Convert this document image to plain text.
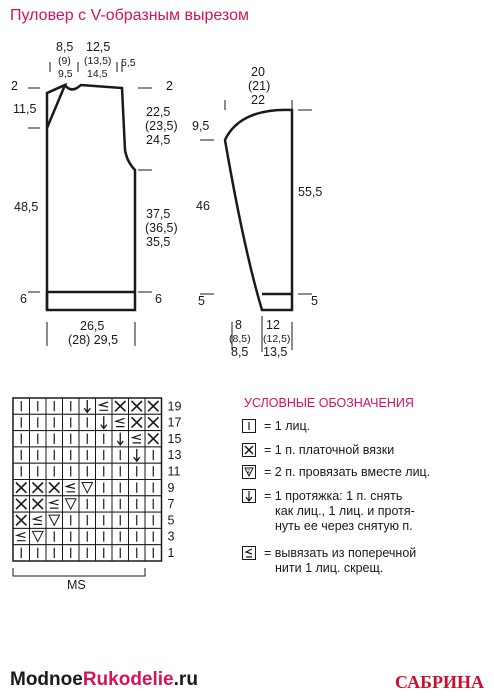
Пуловер с V-образным вырезом
8,5
(9)
9,5
12,5
(13,5)
14,5
5,5
2
11,5
48,5
6
2
22,5
(23,5)
24,5
37,5
(36,5)
35,5
6
26,5
(28) 29,5
20
(21)
22
9,5
46
55,5
5	5
8
(8,5)
8,5
12
(12,5)
13,5
19
17
15
13
11
9
7
5
3
1
MS
УСЛОВНЫЕ ОБОЗНАЧЕНИЯ
= 1 лиц.
= 1 п. платочной вязки
2 = 2 п. провязать вместе лиц.
= 1 протяжка: 1 п. снять
как лиц., 1 лиц. и протя-
нуть ее через снятую п.
= вывязать из поперечной
нити 1 лиц. скрещ.
ModnoeRukodelie.ru	САБРИНА
